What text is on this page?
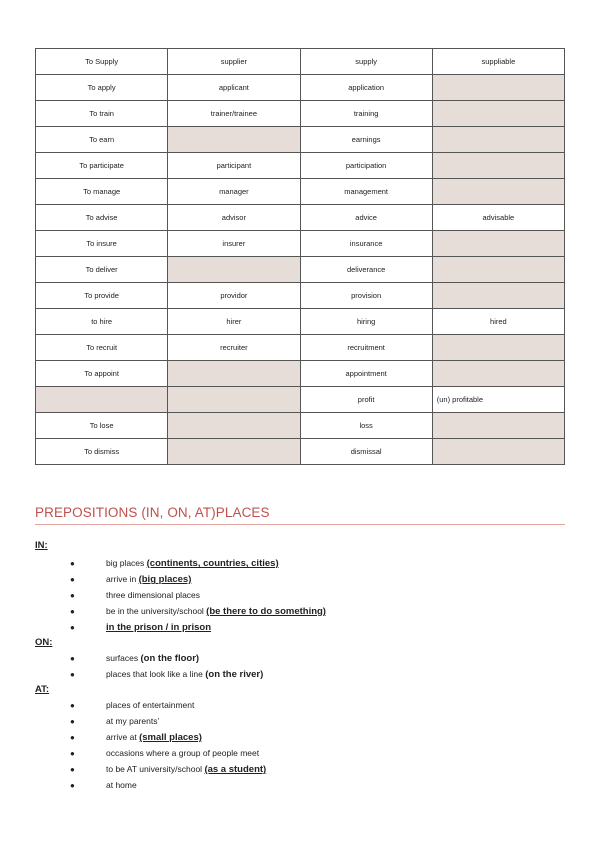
To Supply	supplier	supply	suppliable
To apply	applicant	application	
To train	trainer/trainee	training	
To earn		earnings	
To participate	participant	participation	
To manage	manager	management	
To advise	advisor	advice	advisable
To insure	insurer	insurance	
To deliver		deliverance	
To provide	providor	provision	
to hire	hirer	hiring	hired
To recruit	recruiter	recruitment	
To appoint		appointment	
		profit	(un) profitable
To lose		loss	
To dismiss		dismissal	
PREPOSITIONS (IN, ON, AT)PLACES
IN:
●	big places (continents, countries, cities)
●	arrive in (big places)
●	three dimensional places
●	be in the university/school (be there to do something)
●	in the prison / in prison
ON:
●	surfaces (on the floor)
●	places that look like a line (on the river)
AT:
●	places of entertainment
●	at my parents’
●	arrive at (small places)
●	occasions where a group of people meet
●	to be AT university/school (as a student)
●	at home
